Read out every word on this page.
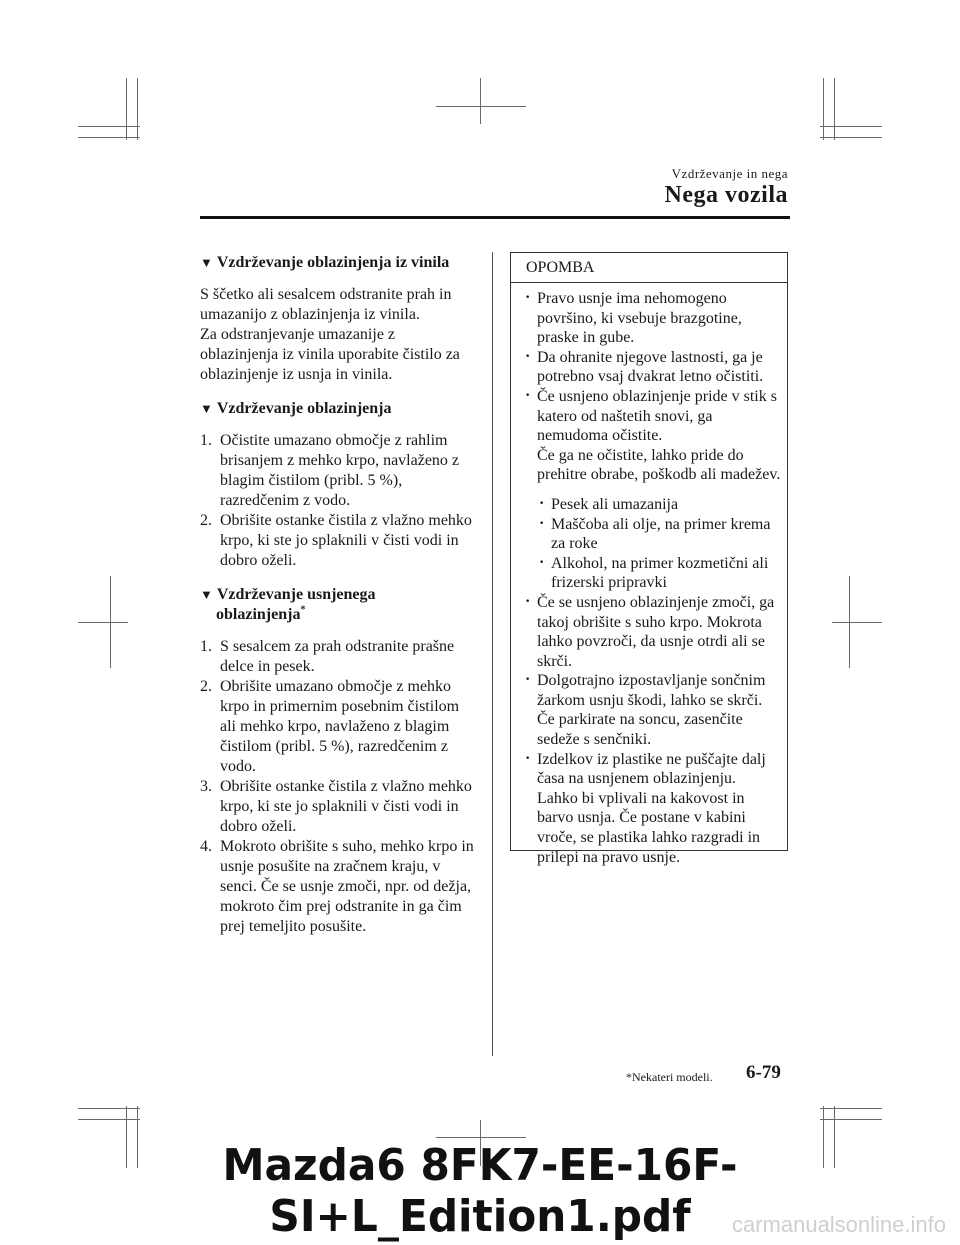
Vzdrževanje in nega
Nega vozila
▼ Vzdrževanje oblazinjenja iz vinila

S ščetko ali sesalcem odstranite prah in
umazanijo z oblazinjenja iz vinila.
Za odstranjevanje umazanije z
oblazinjenja iz vinila uporabite čistilo za
oblazinjenje iz usnja in vinila.

▼ Vzdrževanje oblazinjenja
1. Očistite umazano območje z rahlim
brisanjem z mehko krpo, navlaženo z
blagim čistilom (pribl. 5 %),
razredčenim z vodo.
2. Obrišite ostanke čistila z vlažno mehko
krpo, ki ste jo splaknili v čisti vodi in
dobro oželi.
▼ Vzdrževanje usnjenega
oblazinjenja*
1. S sesalcem za prah odstranite prašne
delce in pesek.
2. Obrišite umazano območje z mehko
krpo in primernim posebnim čistilom
ali mehko krpo, navlaženo z blagim
čistilom (pribl. 5 %), razredčenim z
vodo.
3. Obrišite ostanke čistila z vlažno mehko
krpo, ki ste jo splaknili v čisti vodi in
dobro oželi.
4. Mokroto obrišite s suho, mehko krpo in
usnje posušite na zračnem kraju, v
senci. Če se usnje zmoči, npr. od dežja,
mokroto čim prej odstranite in ga čim
prej temeljito posušite.
OPOMBA
· Pravo usnje ima nehomogeno
površino, ki vsebuje brazgotine,
praske in gube.
· Da ohranite njegove lastnosti, ga je
potrebno vsaj dvakrat letno očistiti.
· Če usnjeno oblazinjenje pride v stik s
katero od naštetih snovi, ga
nemudoma očistite.
Če ga ne očistite, lahko pride do
prehitre obrabe, poškodb ali madežev.
· Pesek ali umazanija
· Maščoba ali olje, na primer krema
za roke
· Alkohol, na primer kozmetični ali
frizerski pripravki
· Če se usnjeno oblazinjenje zmoči, ga
takoj obrišite s suho krpo. Mokrota
lahko povzroči, da usnje otrdi ali se
skrči.
· Dolgotrajno izpostavljanje sončnim
žarkom usnju škodi, lahko se skrči.
Če parkirate na soncu, zasenčite
sedeže s senčniki.
· Izdelkov iz plastike ne puščajte dalj
časa na usnjenem oblazinjenju.
Lahko bi vplivali na kakovost in
barvo usnja. Če postane v kabini
vroče, se plastika lahko razgradi in
prilepi na pravo usnje.
*Nekateri modeli. 6-79
Mazda6 8FK7-EE-16F-SI+L_Edition1.pdf	carmanualsonline.info
